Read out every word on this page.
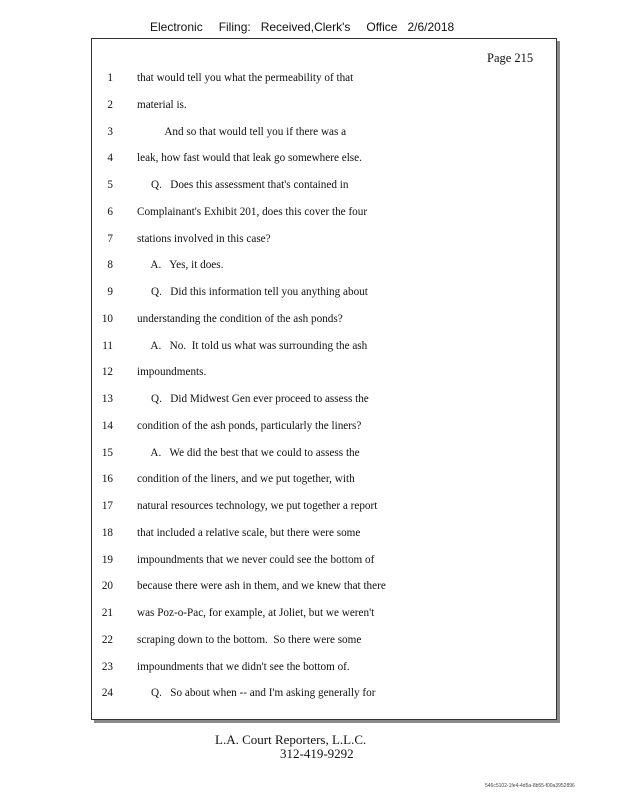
Electronic Filing: Received,Clerk's Office 2/6/2018
Page 215
1 that would tell you what the permeability of that
2 material is.
3 And so that would tell you if there was a
4 leak, how fast would that leak go somewhere else.
5 Q.   Does this assessment that's contained in
6 Complainant's Exhibit 201, does this cover the four
7 stations involved in this case?
8 A.   Yes, it does.
9 Q.   Did this information tell you anything about
10 understanding the condition of the ash ponds?
11 A.   No.  It told us what was surrounding the ash
12 impoundments.
13 Q.   Did Midwest Gen ever proceed to assess the
14 condition of the ash ponds, particularly the liners?
15 A.   We did the best that we could to assess the
16 condition of the liners, and we put together, with
17 natural resources technology, we put together a report
18 that included a relative scale, but there were some
19 impoundments that we never could see the bottom of
20 because there were ash in them, and we knew that there
21 was Poz-o-Pac, for example, at Joliet, but we weren't
22 scraping down to the bottom.  So there were some
23 impoundments that we didn't see the bottom of.
24 Q.   So about when -- and I'm asking generally for
L.A. Court Reporters, L.L.C.
312-419-9292
546c5102-1fe4-4d5a-8b55-f00a3952896
